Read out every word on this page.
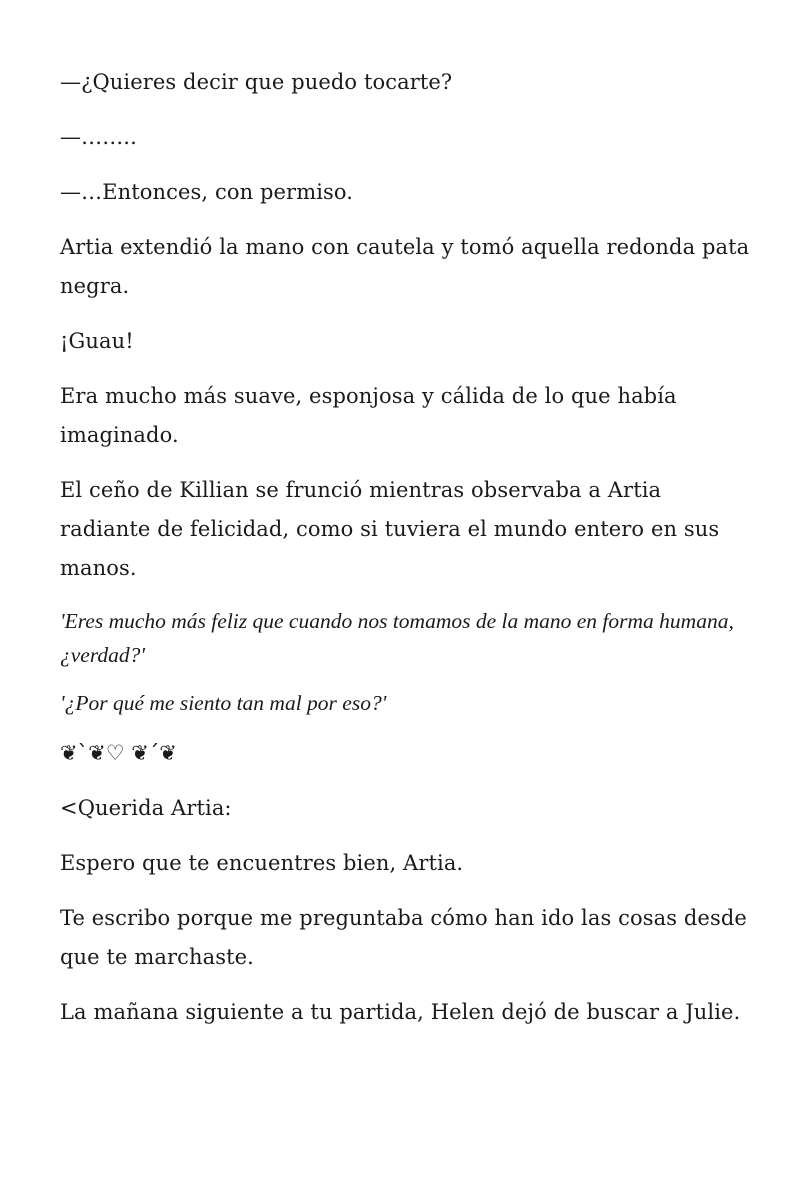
—¿Quieres decir que puedo tocarte?

—……..

—…Entonces, con permiso.

Artia extendió la mano con cautela y tomó aquella redonda pata negra.

¡Guau!

Era mucho más suave, esponjosa y cálida de lo que había imaginado.

El ceño de Killian se frunció mientras observaba a Artia radiante de felicidad, como si tuviera el mundo entero en sus manos.

'Eres mucho más feliz que cuando nos tomamos de la mano en forma humana, ¿verdad?'

'¿Por qué me siento tan mal por eso?'

❦`❦♡ ❦´❦

<Querida Artia:

Espero que te encuentres bien, Artia.

Te escribo porque me preguntaba cómo han ido las cosas desde que te marchaste.

La mañana siguiente a tu partida, Helen dejó de buscar a Julie.
